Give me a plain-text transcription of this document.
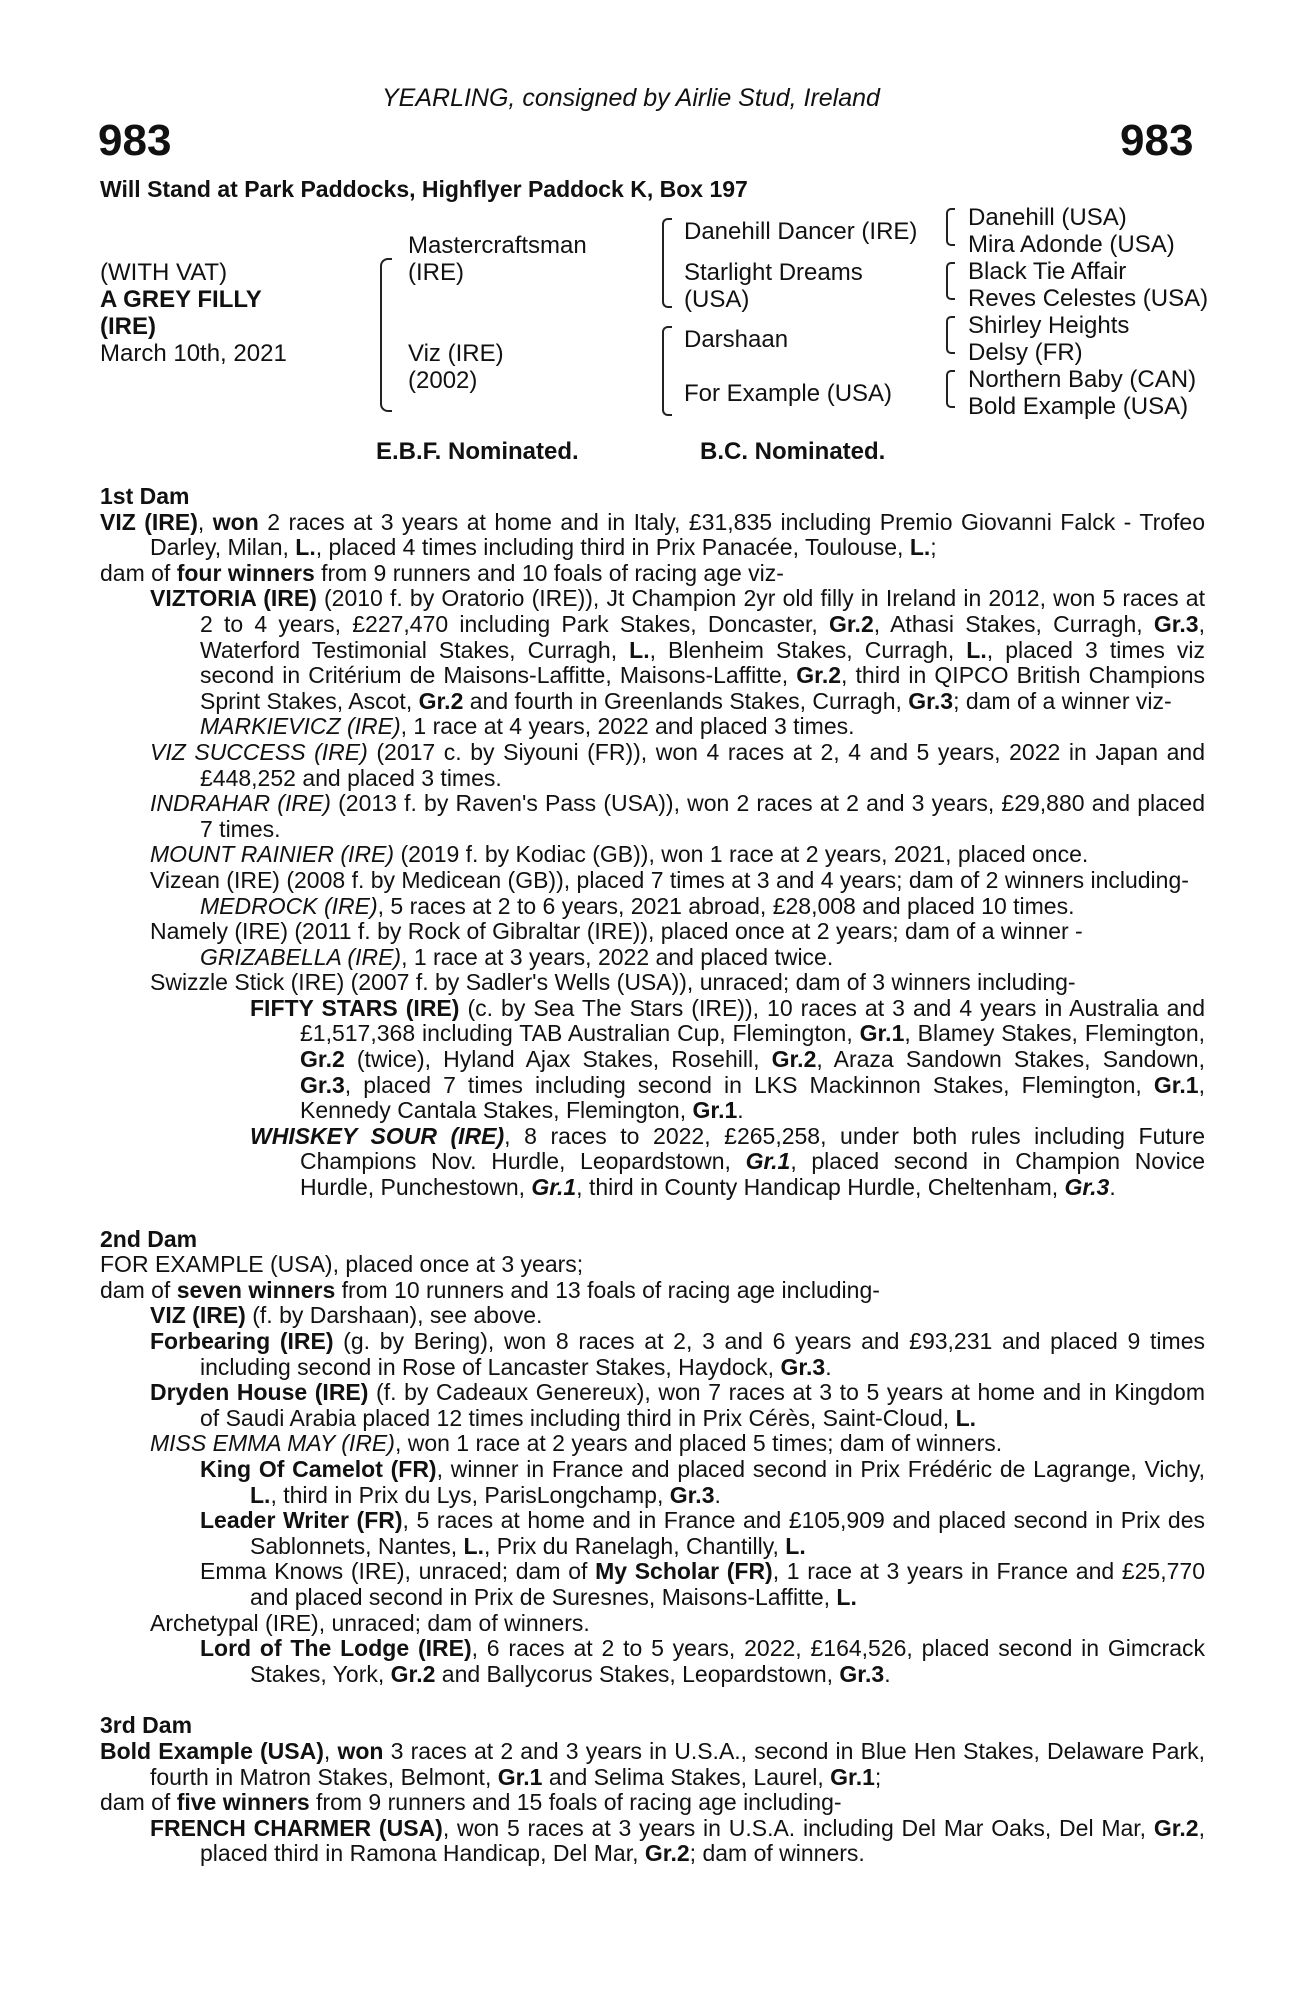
YEARLING, consigned by Airlie Stud, Ireland
983	983
Will Stand at Park Paddocks, Highflyer Paddock K, Box 197
(WITH VAT)
A GREY FILLY
(IRE)
March 10th, 2021
Mastercraftsman
(IRE)
Viz (IRE)
(2002)
Danehill Dancer (IRE)
Starlight Dreams
(USA)
Darshaan
For Example (USA)
Danehill (USA)
Mira Adonde (USA)
Black Tie Affair
Reves Celestes (USA)
Shirley Heights
Delsy (FR)
Northern Baby (CAN)
Bold Example (USA)
E.B.F. Nominated.	B.C. Nominated.

1st Dam

VIZ (IRE), won 2 races at 3 years at home and in Italy, £31,835 including Premio Giovanni Falck - Trofeo Darley, Milan, L., placed 4 times including third in Prix Panacée, Toulouse, L.;

dam of four winners from 9 runners and 10 foals of racing age viz-

VIZTORIA (IRE) (2010 f. by Oratorio (IRE)), Jt Champion 2yr old filly in Ireland in 2012, won 5 races at 2 to 4 years, £227,470 including Park Stakes, Doncaster, Gr.2, Athasi Stakes, Curragh, Gr.3, Waterford Testimonial Stakes, Curragh, L., Blenheim Stakes, Curragh, L., placed 3 times viz second in Critérium de Maisons-Laffitte, Maisons-Laffitte, Gr.2, third in QIPCO British Champions Sprint Stakes, Ascot, Gr.2 and fourth in Greenlands Stakes, Curragh, Gr.3; dam of a winner viz-

MARKIEVICZ (IRE), 1 race at 4 years, 2022 and placed 3 times.

VIZ SUCCESS (IRE) (2017 c. by Siyouni (FR)), won 4 races at 2, 4 and 5 years, 2022 in Japan and £448,252 and placed 3 times.

INDRAHAR (IRE) (2013 f. by Raven's Pass (USA)), won 2 races at 2 and 3 years, £29,880 and placed 7 times.

MOUNT RAINIER (IRE) (2019 f. by Kodiac (GB)), won 1 race at 2 years, 2021, placed once.

Vizean (IRE) (2008 f. by Medicean (GB)), placed 7 times at 3 and 4 years; dam of 2 winners including-

MEDROCK (IRE), 5 races at 2 to 6 years, 2021 abroad, £28,008 and placed 10 times.

Namely (IRE) (2011 f. by Rock of Gibraltar (IRE)), placed once at 2 years; dam of a winner -

GRIZABELLA (IRE), 1 race at 3 years, 2022 and placed twice.

Swizzle Stick (IRE) (2007 f. by Sadler's Wells (USA)), unraced; dam of 3 winners including-

FIFTY STARS (IRE) (c. by Sea The Stars (IRE)), 10 races at 3 and 4 years in Australia and £1,517,368 including TAB Australian Cup, Flemington, Gr.1, Blamey Stakes, Flemington, Gr.2 (twice), Hyland Ajax Stakes, Rosehill, Gr.2, Araza Sandown Stakes, Sandown, Gr.3, placed 7 times including second in LKS Mackinnon Stakes, Flemington, Gr.1, Kennedy Cantala Stakes, Flemington, Gr.1.

WHISKEY SOUR (IRE), 8 races to 2022, £265,258, under both rules including Future Champions Nov. Hurdle, Leopardstown, Gr.1, placed second in Champion Novice Hurdle, Punchestown, Gr.1, third in County Handicap Hurdle, Cheltenham, Gr.3.

2nd Dam

FOR EXAMPLE (USA), placed once at 3 years;

dam of seven winners from 10 runners and 13 foals of racing age including-

VIZ (IRE) (f. by Darshaan), see above.

Forbearing (IRE) (g. by Bering), won 8 races at 2, 3 and 6 years and £93,231 and placed 9 times including second in Rose of Lancaster Stakes, Haydock, Gr.3.

Dryden House (IRE) (f. by Cadeaux Genereux), won 7 races at 3 to 5 years at home and in Kingdom of Saudi Arabia placed 12 times including third in Prix Cérès, Saint-Cloud, L.

MISS EMMA MAY (IRE), won 1 race at 2 years and placed 5 times; dam of winners.

King Of Camelot (FR), winner in France and placed second in Prix Frédéric de Lagrange, Vichy, L., third in Prix du Lys, ParisLongchamp, Gr.3.

Leader Writer (FR), 5 races at home and in France and £105,909 and placed second in Prix des Sablonnets, Nantes, L., Prix du Ranelagh, Chantilly, L.

Emma Knows (IRE), unraced; dam of My Scholar (FR), 1 race at 3 years in France and £25,770 and placed second in Prix de Suresnes, Maisons-Laffitte, L.

Archetypal (IRE), unraced; dam of winners.

Lord of The Lodge (IRE), 6 races at 2 to 5 years, 2022, £164,526, placed second in Gimcrack Stakes, York, Gr.2 and Ballycorus Stakes, Leopardstown, Gr.3.

3rd Dam

Bold Example (USA), won 3 races at 2 and 3 years in U.S.A., second in Blue Hen Stakes, Delaware Park, fourth in Matron Stakes, Belmont, Gr.1 and Selima Stakes, Laurel, Gr.1;

dam of five winners from 9 runners and 15 foals of racing age including-

FRENCH CHARMER (USA), won 5 races at 3 years in U.S.A. including Del Mar Oaks, Del Mar, Gr.2, placed third in Ramona Handicap, Del Mar, Gr.2; dam of winners.
